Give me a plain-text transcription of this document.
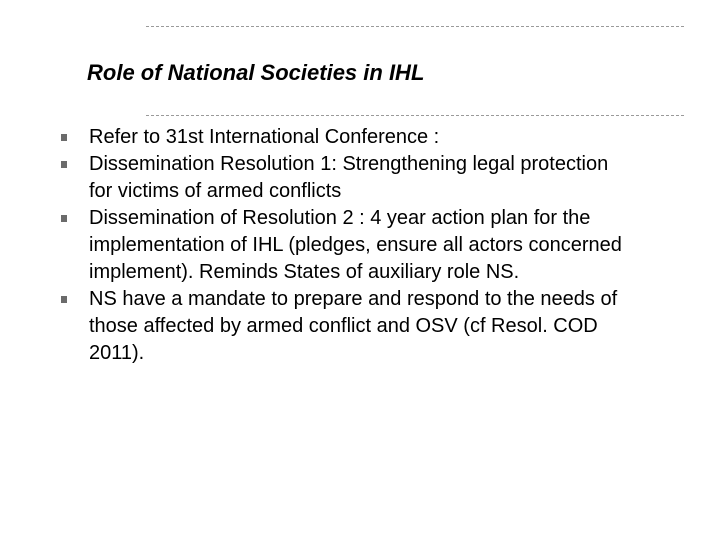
Role of National Societies in IHL
Refer to 31st International Conference :
Dissemination Resolution 1: Strengthening legal protection
for victims of armed conflicts
Dissemination of Resolution 2 : 4 year action plan for the
implementation of IHL (pledges, ensure all actors concerned
implement). Reminds States of auxiliary role NS.
NS have a mandate to prepare and respond to the needs of
those affected by armed conflict and OSV (cf Resol. COD
2011).
